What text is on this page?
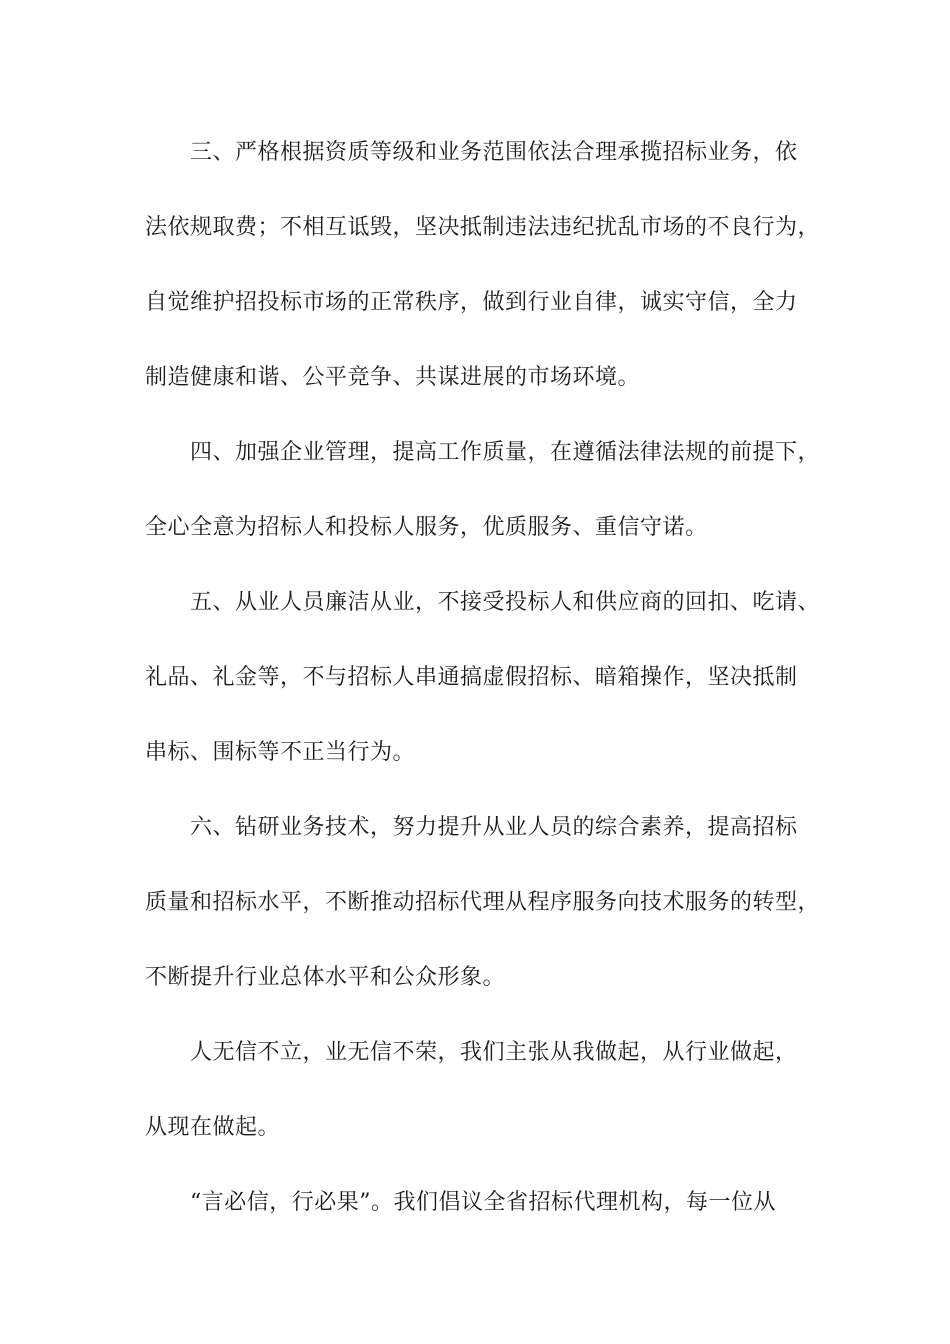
三、严格根据资质等级和业务范围依法合理承揽招标业务，依
法依规取费；不相互诋毁，坚决抵制违法违纪扰乱市场的不良行为，
自觉维护招投标市场的正常秩序，做到行业自律，诚实守信，全力
制造健康和谐、公平竞争、共谋进展的市场环境。
四、加强企业管理，提高工作质量，在遵循法律法规的前提下，
全心全意为招标人和投标人服务，优质服务、重信守诺。
五、从业人员廉洁从业，不接受投标人和供应商的回扣、吃请、
礼品、礼金等，不与招标人串通搞虚假招标、暗箱操作，坚决抵制
串标、围标等不正当行为。
六、钻研业务技术，努力提升从业人员的综合素养，提高招标
质量和招标水平，不断推动招标代理从程序服务向技术服务的转型，
不断提升行业总体水平和公众形象。
人无信不立，业无信不荣，我们主张从我做起，从行业做起，
从现在做起。
“言必信，行必果”。我们倡议全省招标代理机构，每一位从
